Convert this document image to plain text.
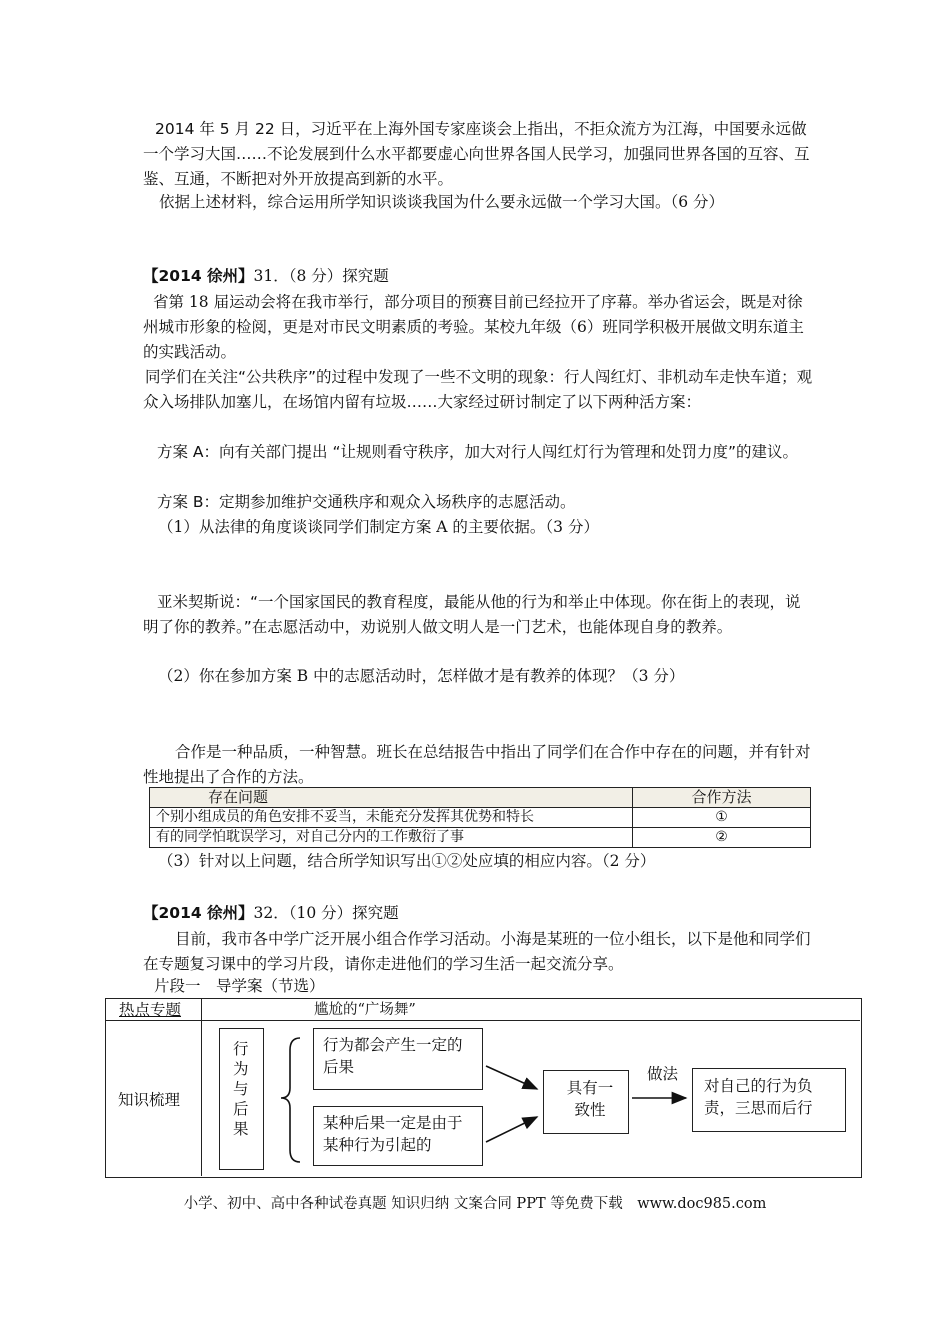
2014 年 5 月 22 日，习近平在上海外国专家座谈会上指出，不拒众流方为江海，中国要永远做一个学习大国……不论发展到什么水平都要虚心向世界各国人民学习，加强同世界各国的互容、互鉴、互通，不断把对外开放提高到新的水平。

依据上述材料，综合运用所学知识谈谈我国为什么要永远做一个学习大国。（6 分）

【2014 徐州】31．（8 分）探究题

省第 18 届运动会将在我市举行，部分项目的预赛目前已经拉开了序幕。举办省运会，既是对徐州城市形象的检阅，更是对市民文明素质的考验。某校九年级（6）班同学积极开展做文明东道主的实践活动。

同学们在关注“公共秩序”的过程中发现了一些不文明的现象：行人闯红灯、非机动车走快车道；观众入场排队加塞儿，在场馆内留有垃圾……大家经过研讨制定了以下两种活方案：

方案 A：向有关部门提出 “让规则看守秩序，加大对行人闯红灯行为管理和处罚力度”的建议。

方案 B：定期参加维护交通秩序和观众入场秩序的志愿活动。

（1）从法律的角度谈谈同学们制定方案 A 的主要依据。（3 分）

亚米契斯说：“一个国家国民的教育程度，最能从他的行为和举止中体现。你在街上的表现，说明了你的教养。”在志愿活动中，劝说别人做文明人是一门艺术，也能体现自身的教养。

（2）你在参加方案 B 中的志愿活动时，怎样做才是有教养的体现？（3 分）

合作是一种品质，一种智慧。班长在总结报告中指出了同学们在合作中存在的问题，并有针对性地提出了合作的方法。

存在问题	合作方法
个别小组成员的角色安排不妥当，未能充分发挥其优势和特长	①
有的同学怕耽误学习，对自己分内的工作敷衍了事	②

（3）针对以上问题，结合所学知识写出①②处应填的相应内容。（2 分）

【2014 徐州】32．（10 分）探究题

目前，我市各中学广泛开展小组合作学习活动。小海是某班的一位小组长，以下是他和同学们在专题复习课中的学习片段，请你走进他们的学习生活一起交流分享。

片段一　导学案（节选）

热点专题	尴尬的“广场舞”
知识梳理
行
为
与
后
果
行为都会产生一定的后果
某种后果一定是由于某种行为引起的
具有一致性
做法
对自己的行为负责，三思而后行
小学、初中、高中各种试卷真题 知识归纳 文案合同 PPT 等免费下载　www.doc985.com
